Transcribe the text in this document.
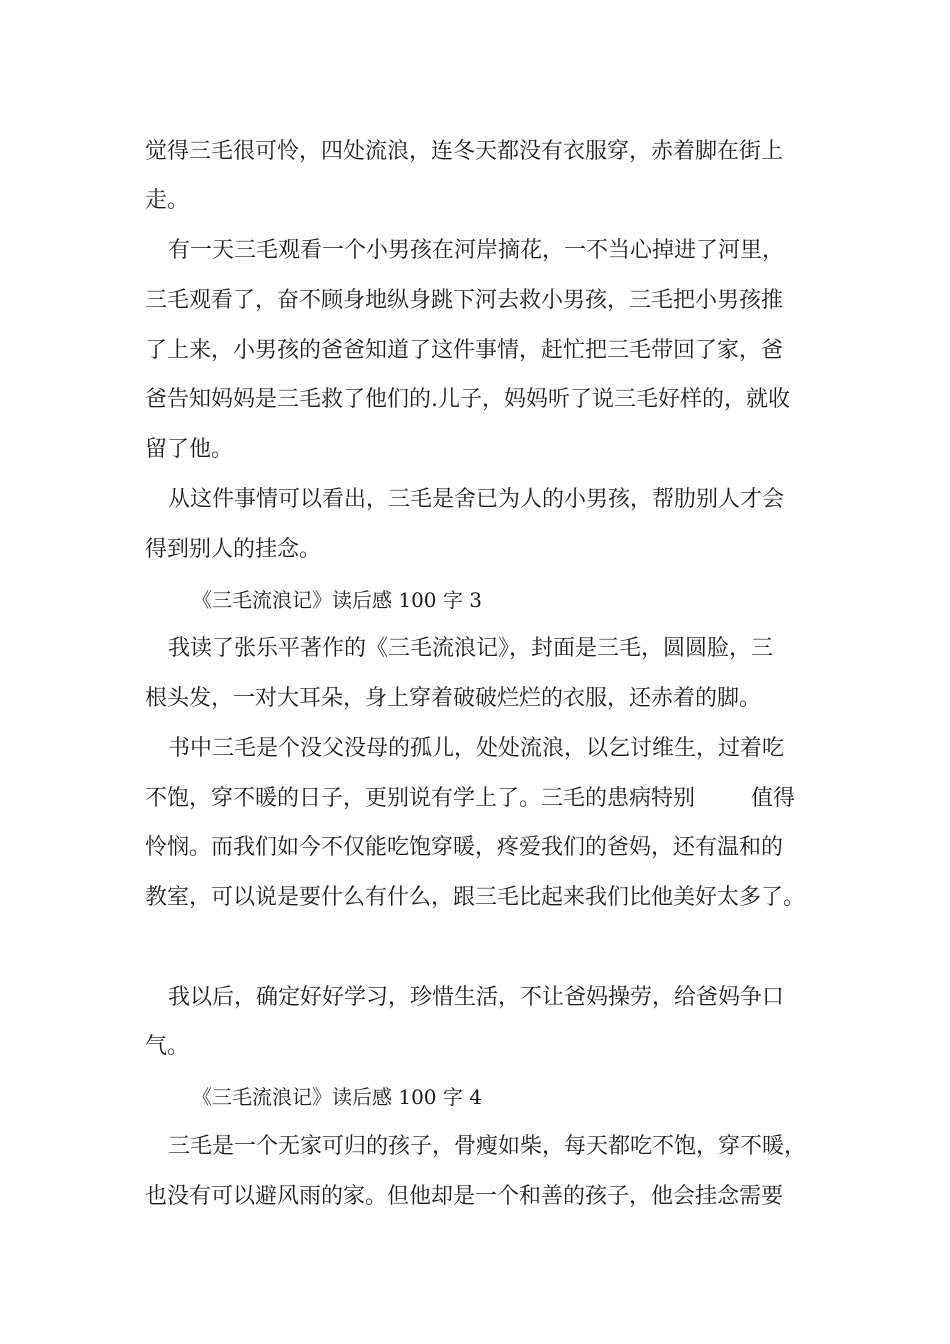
觉得三毛很可怜，四处流浪，连冬天都没有衣服穿，赤着脚在街上

走。

有一天三毛观看一个小男孩在河岸摘花，一不当心掉进了河里，

三毛观看了，奋不顾身地纵身跳下河去救小男孩，三毛把小男孩推

了上来，小男孩的爸爸知道了这件事情，赶忙把三毛带回了家，爸

爸告知妈妈是三毛救了他们的.儿子，妈妈听了说三毛好样的，就收

留了他。

从这件事情可以看出，三毛是舍已为人的小男孩，帮肋别人才会

得到别人的挂念。

《三毛流浪记》读后感 100 字 3

我读了张乐平著作的《三毛流浪记》，封面是三毛，圆圆脸，三

根头发，一对大耳朵，身上穿着破破烂烂的衣服，还赤着的脚。

书中三毛是个没父没母的孤儿，处处流浪，以乞讨维生，过着吃

不饱，穿不暖的日子，更别说有学上了。三毛的患病特别        值得

怜悯。而我们如今不仅能吃饱穿暖，疼爱我们的爸妈，还有温和的

教室，可以说是要什么有什么，跟三毛比起来我们比他美好太多了。

我以后，确定好好学习，珍惜生活，不让爸妈操劳，给爸妈争口

气。

《三毛流浪记》读后感 100 字 4

三毛是一个无家可归的孩子，骨瘦如柴，每天都吃不饱，穿不暖，

也没有可以避风雨的家。但他却是一个和善的孩子，他会挂念需要
